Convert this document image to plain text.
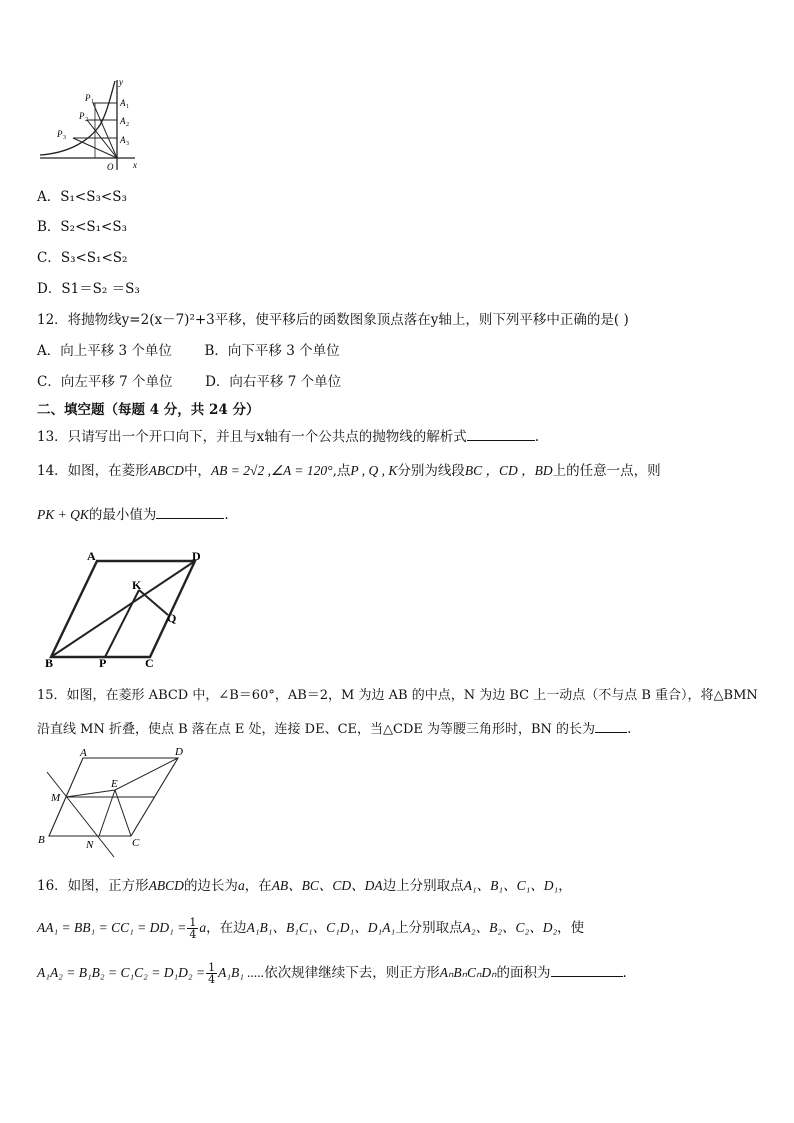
y
x
O
P 1
P 2
P 3
A 1
A 2
A 3
A．S₁<S₃<S₃
B．S₂<S₁<S₃
C．S₃<S₁<S₂
D．S1＝S₂ ＝S₃
12．将抛物线y=2(x－7)²+3平移，使平移后的函数图象顶点落在y轴上，则下列平移中正确的是( )
A．向上平移 3 个单位 B．向下平移 3 个单位
C．向左平移 7 个单位 D．向右平移 7 个单位
二、填空题（每题 4 分，共 24 分）
13．只请写出一个开口向下，并且与x轴有一个公共点的抛物线的解析式	.
14．如图，在菱形ABCD中，AB = 2√2 ,∠A = 120°,点P , Q , K分别为线段BC ，CD ，BD上的任意一点，则
PK + QK的最小值为	.
A	D
K
Q
B	P	C
15．如图，在菱形 ABCD 中，∠B＝60°，AB＝2，M 为边 AB 的中点，N 为边 BC 上一动点（不与点 B 重合），将△BMN
沿直线 MN 折叠，使点 B 落在点 E 处，连接 DE、CE，当△CDE 为等腰三角形时，BN 的长为 .
A	D
M
E
B	N	C
16．如图，正方形ABCD的边长为a，在AB、BC、CD、DA边上分别取点A₁、B₁、C₁、D₁，
$AA_1 = BB_1 = CC_1 = DD_1 = \frac{1}{4}$ a，在边A₁B₁、B₁C₁、C₁D₁、D₁A₁上分别取点A₂、B₂、C₂、D₂，使
$A_1A_2 = B_1B_2 = C_1C_2 = D_1D_2 = \frac{1}{4} A_1B_1$ .....依次规律继续下去，则正方形AₙBₙCₙDₙ的面积为	.
